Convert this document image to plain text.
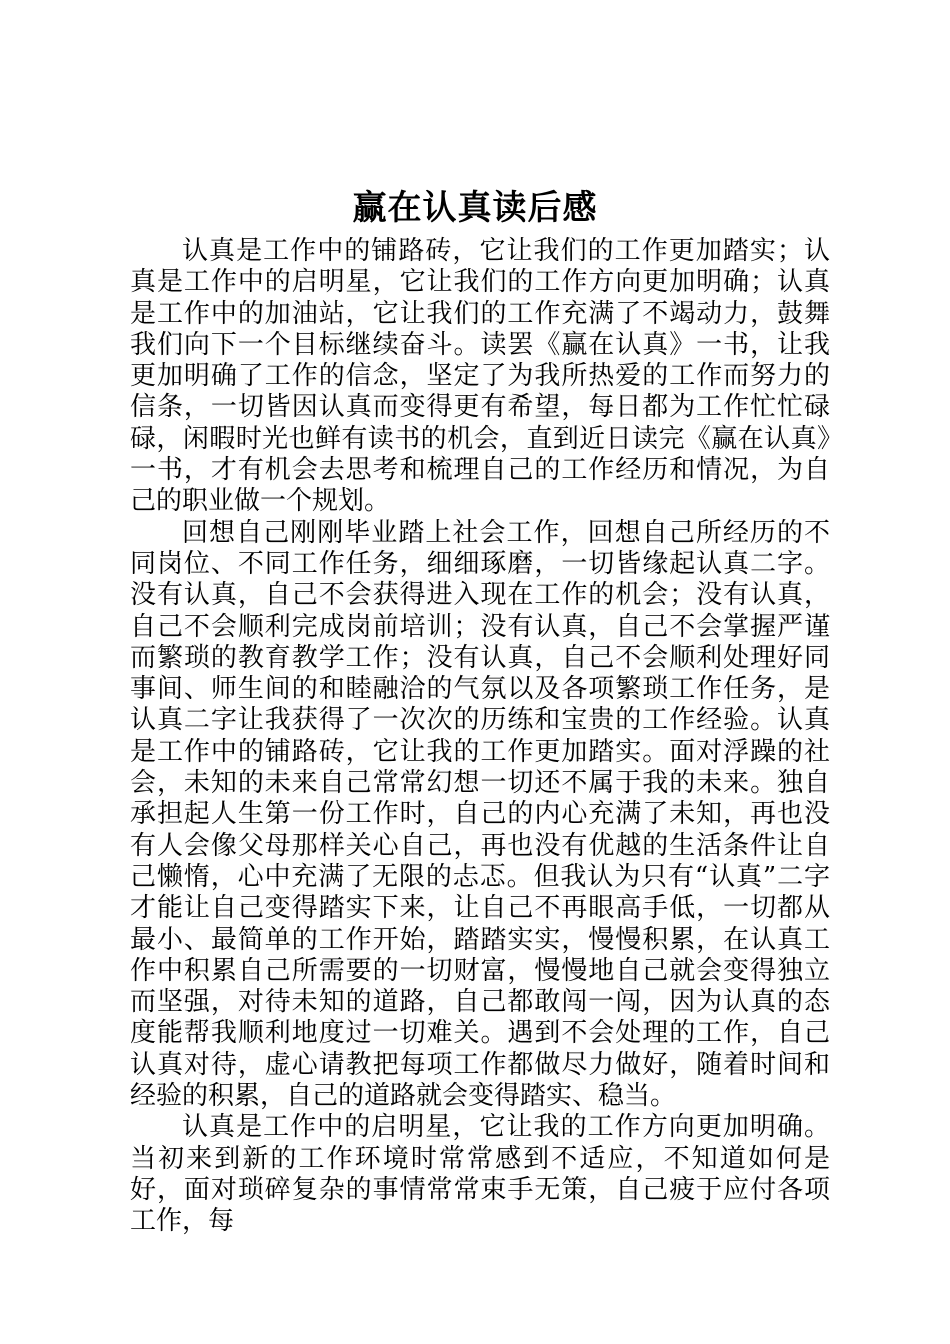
赢在认真读后感

认真是工作中的铺路砖，它让我们的工作更加踏实；认真是工作中的启明星，它让我们的工作方向更加明确；认真是工作中的加油站，它让我们的工作充满了不竭动力，鼓舞我们向下一个目标继续奋斗。读罢《赢在认真》一书，让我更加明确了工作的信念，坚定了为我所热爱的工作而努力的信条，一切皆因认真而变得更有希望，每日都为工作忙忙碌碌，闲暇时光也鲜有读书的机会，直到近日读完《赢在认真》一书，才有机会去思考和梳理自己的工作经历和情况，为自己的职业做一个规划。

回想自己刚刚毕业踏上社会工作，回想自己所经历的不同岗位、不同工作任务，细细琢磨，一切皆缘起认真二字。没有认真，自己不会获得进入现在工作的机会；没有认真，自己不会顺利完成岗前培训；没有认真，自己不会掌握严谨而繁琐的教育教学工作；没有认真，自己不会顺利处理好同事间、师生间的和睦融洽的气氛以及各项繁琐工作任务，是认真二字让我获得了一次次的历练和宝贵的工作经验。认真是工作中的铺路砖，它让我的工作更加踏实。面对浮躁的社会，未知的未来自己常常幻想一切还不属于我的未来。独自承担起人生第一份工作时，自己的内心充满了未知，再也没有人会像父母那样关心自己，再也没有优越的生活条件让自己懒惰，心中充满了无限的忐忑。但我认为只有“认真”二字才能让自己变得踏实下来，让自己不再眼高手低，一切都从最小、最简单的工作开始，踏踏实实，慢慢积累，在认真工作中积累自己所需要的一切财富，慢慢地自己就会变得独立而坚强，对待未知的道路，自己都敢闯一闯，因为认真的态度能帮我顺利地度过一切难关。遇到不会处理的工作，自己认真对待，虚心请教把每项工作都做尽力做好，随着时间和经验的积累，自己的道路就会变得踏实、稳当。

认真是工作中的启明星，它让我的工作方向更加明确。当初来到新的工作环境时常常感到不适应，不知道如何是好，面对琐碎复杂的事情常常束手无策，自己疲于应付各项工作，每
